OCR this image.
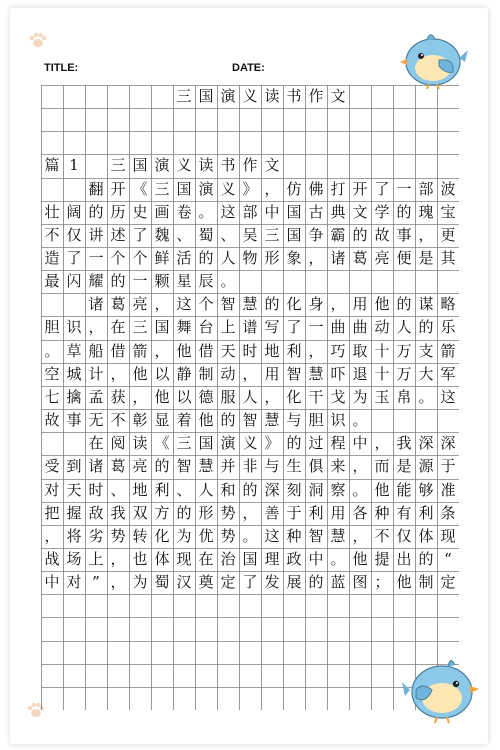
TITLE:	DATE:
三 国 演 义 读 书 作 文
篇 1	三 国 演 义 读 书 作 文
翻 开 《 三 国 演 义 》 ， 仿 佛 打 开 了 一 部 波
壮 阔 的 历 史 画 卷 。 这 部 中 国 古 典 文 学 的 瑰 宝
不 仅 讲 述 了 魏 、 蜀 、 吴 三 国 争 霸 的 故 事 ， 更
造 了 一 个 个 鲜 活 的 人 物 形 象 ， 诸 葛 亮 便 是 其
最 闪 耀 的 一 颗 星 辰 。
诸 葛 亮 ， 这 个 智 慧 的 化 身 ， 用 他 的 谋 略
胆 识 ， 在 三 国 舞 台 上 谱 写 了 一 曲 曲 动 人 的 乐
。 草 船 借 箭 ， 他 借 天 时 地 利 ， 巧 取 十 万 支 箭
空 城 计 ， 他 以 静 制 动 ， 用 智 慧 吓 退 十 万 大 军
七 擒 孟 获 ， 他 以 德 服 人 ， 化 干 戈 为 玉 帛 。 这
故 事 无 不 彰 显 着 他 的 智 慧 与 胆 识 。
在 阅 读 《 三 国 演 义 》 的 过 程 中 ， 我 深 深
受 到 诸 葛 亮 的 智 慧 并 非 与 生 俱 来 ， 而 是 源 于
对 天 时 、 地 利 、 人 和 的 深 刻 洞 察 。 他 能 够 准
把 握 敌 我 双 方 的 形 势 ， 善 于 利 用 各 种 有 利 条
， 将 劣 势 转 化 为 优 势 。 这 种 智 慧 ， 不 仅 体 现
战 场 上 ， 也 体 现 在 治 国 理 政 中 。 他 提 出 的 “
中 对 ” ， 为 蜀 汉 奠 定 了 发 展 的 蓝 图 ； 他 制 定
